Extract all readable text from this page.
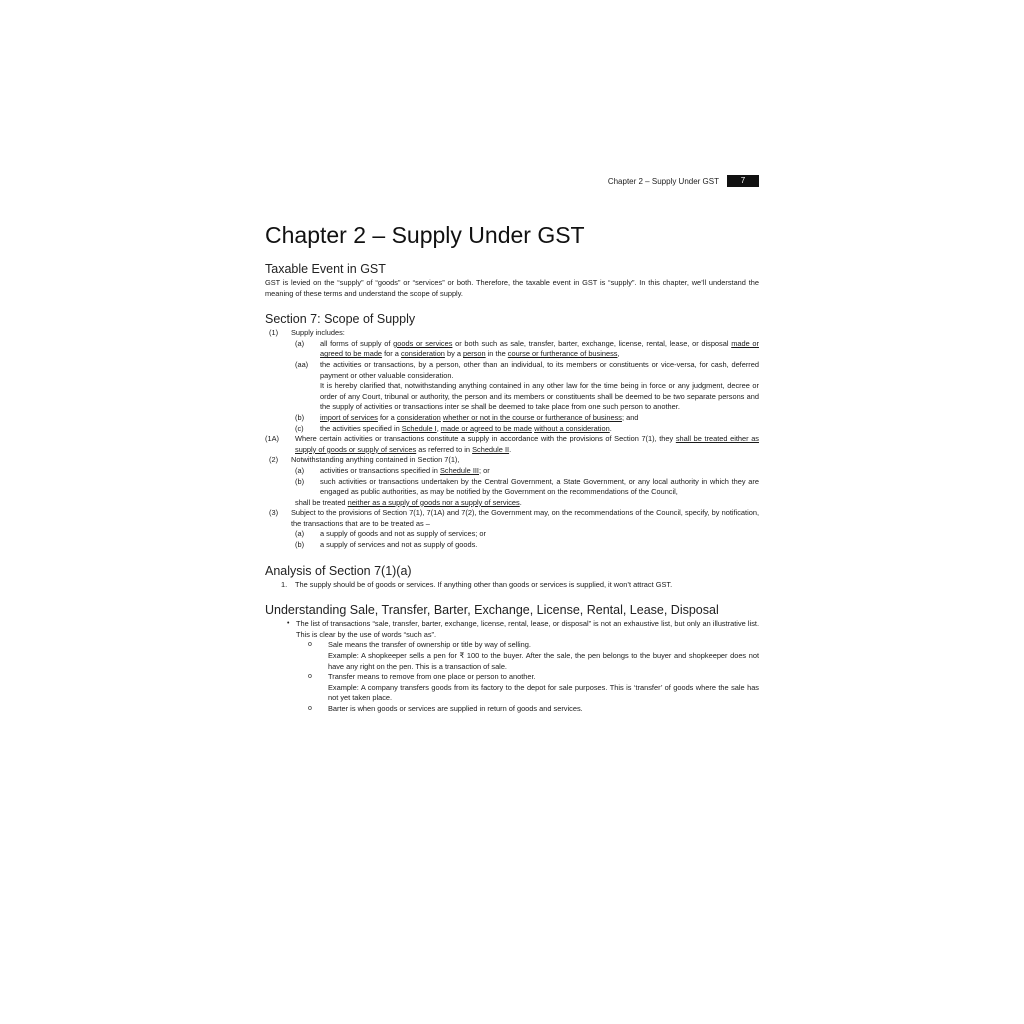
Chapter 2 – Supply Under GST	7
Chapter 2 – Supply Under GST
Taxable Event in GST

GST is levied on the “supply” of “goods” or “services” or both. Therefore, the taxable event in GST is “supply”. In this chapter, we’ll understand the meaning of these terms and understand the scope of supply.

Section 7: Scope of Supply
(1)	Supply includes:
(a)	all forms of supply of goods or services or both such as sale, transfer, barter, exchange, license, rental, lease, or disposal made or agreed to be made for a consideration by a person in the course or furtherance of business,
(aa)	the activities or transactions, by a person, other than an individual, to its members or constituents or vice-versa, for cash, deferred payment or other valuable consideration.
It is hereby clarified that, notwithstanding anything contained in any other law for the time being in force or any judgment, decree or order of any Court, tribunal or authority, the person and its members or constituents shall be deemed to be two separate persons and the supply of activities or transactions inter se shall be deemed to take place from one such person to another.
(b)	import of services for a consideration whether or not in the course or furtherance of business; and
(c)	the activities specified in Schedule I, made or agreed to be made without a consideration.
(1A)	Where certain activities or transactions constitute a supply in accordance with the provisions of Section 7(1), they shall be treated either as supply of goods or supply of services as referred to in Schedule II.
(2)	Notwithstanding anything contained in Section 7(1),
(a)	activities or transactions specified in Schedule III; or
(b)	such activities or transactions undertaken by the Central Government, a State Government, or any local authority in which they are engaged as public authorities, as may be notified by the Government on the recommendations of the Council,
shall be treated neither as a supply of goods nor a supply of services.
(3)	Subject to the provisions of Section 7(1), 7(1A) and 7(2), the Government may, on the recommendations of the Council, specify, by notification, the transactions that are to be treated as –
(a)	a supply of goods and not as supply of services; or
(b)	a supply of services and not as supply of goods.
Analysis of Section 7(1)(a)
1.	The supply should be of goods or services. If anything other than goods or services is supplied, it won’t attract GST.
Understanding Sale, Transfer, Barter, Exchange, License, Rental, Lease, Disposal
• The list of transactions “sale, transfer, barter, exchange, license, rental, lease, or disposal” is not an exhaustive list, but only an illustrative list. This is clear by the use of words “such as”.
o	Sale means the transfer of ownership or title by way of selling.
Example: A shopkeeper sells a pen for ₹ 100 to the buyer. After the sale, the pen belongs to the buyer and shopkeeper does not have any right on the pen. This is a transaction of sale.
o	Transfer means to remove from one place or person to another.
Example: A company transfers goods from its factory to the depot for sale purposes. This is ‘transfer’ of goods where the sale has not yet taken place.
o	Barter is when goods or services are supplied in return of goods and services.
